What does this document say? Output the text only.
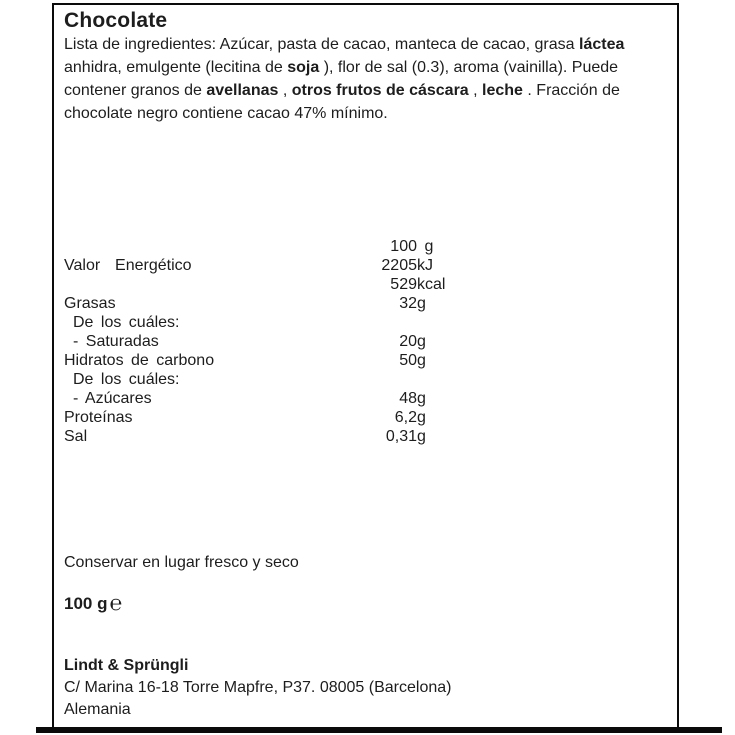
Chocolate
Lista de ingredientes: Azúcar, pasta de cacao, manteca de cacao, grasa láctea
anhidra, emulgente (lecitina de soja ), flor de sal (0.3), aroma (vainilla). Puede
contener granos de avellanas , otros frutos de cáscara , leche . Fracción de
chocolate negro contiene cacao 47% mínimo.
100 g
Valor  Energético	2205 kJ
529 kcal
Grasas	32 g
De los cuáles:
- Saturadas	20 g
Hidratos de carbono	50 g
De los cuáles:
- Azúcares	48 g
Proteínas	6,2 g
Sal	0,31 g
Conservar en lugar fresco y seco
100 g℮
Lindt & Sprüngli
C/ Marina 16-18 Torre Mapfre, P37. 08005 (Barcelona)
Alemania
